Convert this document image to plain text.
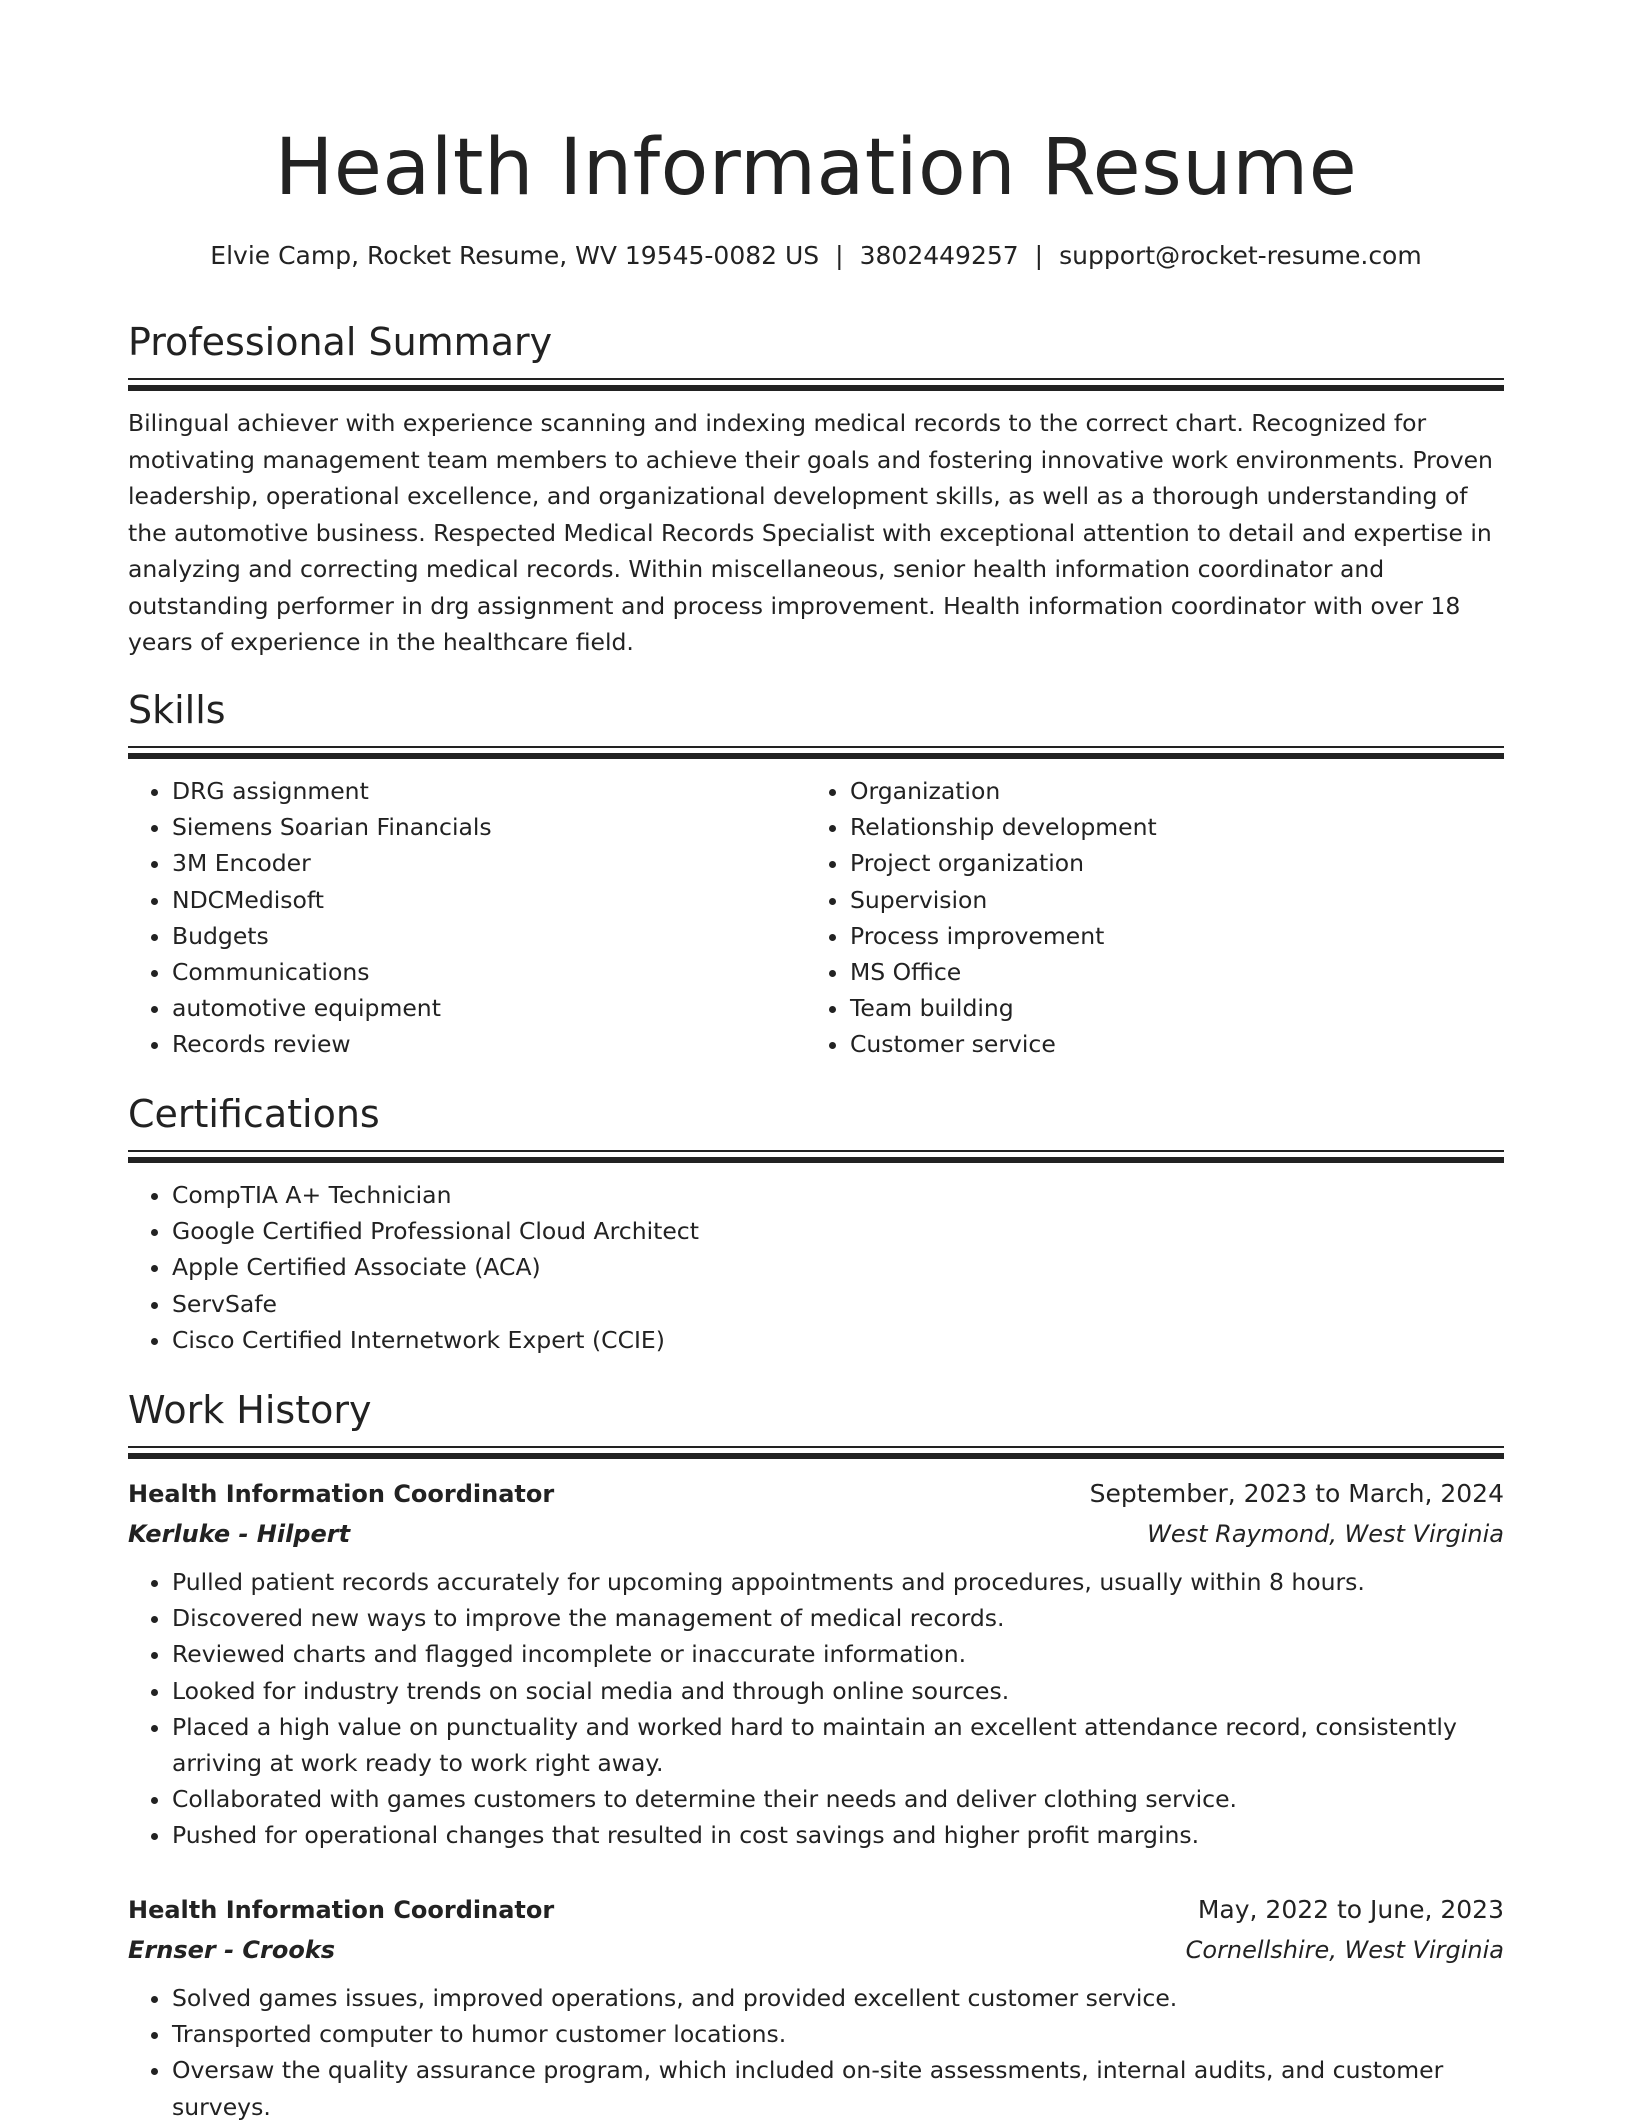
Health Information Resume
Elvie Camp, Rocket Resume, WV 19545-0082 US | 3802449257 | support@rocket-resume.com
Professional Summary

Bilingual achiever with experience scanning and indexing medical records to the correct chart. Recognized for motivating management team members to achieve their goals and fostering innovative work environments. Proven leadership, operational excellence, and organizational development skills, as well as a thorough understanding of the automotive business. Respected Medical Records Specialist with exceptional attention to detail and expertise in analyzing and correcting medical records. Within miscellaneous, senior health information coordinator and outstanding performer in drg assignment and process improvement. Health information coordinator with over 18 years of experience in the healthcare field.

Skills
• DRG assignment
• Siemens Soarian Financials
• 3M Encoder
• NDCMedisoft
• Budgets
• Communications
• automotive equipment
• Records review
• Organization
• Relationship development
• Project organization
• Supervision
• Process improvement
• MS Office
• Team building
• Customer service
Certifications
• CompTIA A+ Technician
• Google Certified Professional Cloud Architect
• Apple Certified Associate (ACA)
• ServSafe
• Cisco Certified Internetwork Expert (CCIE)
Work History
Health Information Coordinator	September, 2023 to March, 2024
Kerluke - Hilpert	West Raymond, West Virginia
• Pulled patient records accurately for upcoming appointments and procedures, usually within 8 hours.
• Discovered new ways to improve the management of medical records.
• Reviewed charts and flagged incomplete or inaccurate information.
• Looked for industry trends on social media and through online sources.
• Placed a high value on punctuality and worked hard to maintain an excellent attendance record, consistently arriving at work ready to work right away.
• Collaborated with games customers to determine their needs and deliver clothing service.
• Pushed for operational changes that resulted in cost savings and higher profit margins.
Health Information Coordinator	May, 2022 to June, 2023
Ernser - Crooks	Cornellshire, West Virginia
• Solved games issues, improved operations, and provided excellent customer service.
• Transported computer to humor customer locations.
• Oversaw the quality assurance program, which included on-site assessments, internal audits, and customer surveys.
